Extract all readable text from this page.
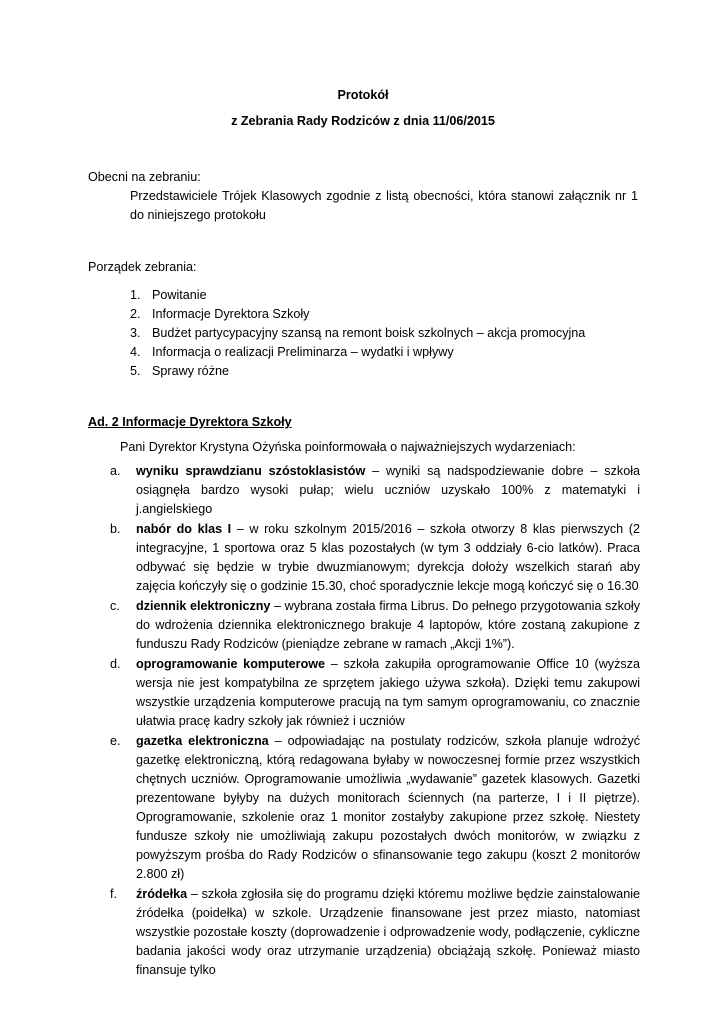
Protokół
z Zebrania Rady Rodziców z dnia 11/06/2015
Obecni na zebraniu:
Przedstawiciele Trójek Klasowych zgodnie z listą obecności, która stanowi załącznik nr 1 do niniejszego protokołu
Porządek zebrania:
1. Powitanie
2. Informacje Dyrektora Szkoły
3. Budżet partycypacyjny szansą na remont boisk szkolnych – akcja promocyjna
4. Informacja o realizacji Preliminarza – wydatki i wpływy
5. Sprawy różne
Ad. 2 Informacje Dyrektora Szkoły
Pani Dyrektor Krystyna Ożyńska poinformowała o najważniejszych wydarzeniach:
a.	wyniku sprawdzianu szóstoklasistów – wyniki są nadspodziewanie dobre – szkoła osiągnęła bardzo wysoki pułap; wielu uczniów uzyskało 100% z matematyki i j.angielskiego
b.	nabór do klas I – w roku szkolnym 2015/2016 – szkoła otworzy 8 klas pierwszych (2 integracyjne, 1 sportowa oraz 5 klas pozostałych (w tym 3 oddziały 6-cio latków). Praca odbywać się będzie w trybie dwuzmianowym; dyrekcja dołoży wszelkich starań aby zajęcia kończyły się o godzinie 15.30, choć sporadycznie lekcje mogą kończyć się o 16.30
c.	dziennik elektroniczny – wybrana została firma Librus. Do pełnego przygotowania szkoły do wdrożenia dziennika elektronicznego brakuje 4 laptopów, które zostaną zakupione z funduszu Rady Rodziców (pieniądze zebrane w ramach „Akcji 1%”).
d.	oprogramowanie komputerowe – szkoła zakupiła oprogramowanie Office 10 (wyższa wersja nie jest kompatybilna ze sprzętem jakiego używa szkoła). Dzięki temu zakupowi wszystkie urządzenia komputerowe pracują na tym samym oprogramowaniu, co znacznie ułatwia pracę kadry szkoły jak również i uczniów
e.	gazetka elektroniczna – odpowiadając na postulaty rodziców, szkoła planuje wdrożyć gazetkę elektroniczną, którą redagowana byłaby w nowoczesnej formie przez wszystkich chętnych uczniów. Oprogramowanie umożliwia „wydawanie” gazetek klasowych. Gazetki prezentowane byłyby na dużych monitorach ściennych (na parterze, I i II piętrze). Oprogramowanie, szkolenie oraz 1 monitor zostałyby zakupione przez szkołę. Niestety fundusze szkoły nie umożliwiają zakupu pozostałych dwóch monitorów, w związku z powyższym prośba do Rady Rodziców o sfinansowanie tego zakupu (koszt 2 monitorów 2.800 zł)
f.	źródełka – szkoła zgłosiła się do programu dzięki któremu możliwe będzie zainstalowanie źródełka (poidełka) w szkole. Urządzenie finansowane jest przez miasto, natomiast wszystkie pozostałe koszty (doprowadzenie i odprowadzenie wody, podłączenie, cykliczne badania jakości wody oraz utrzymanie urządzenia) obciążają szkołę. Ponieważ miasto finansuje tylko
